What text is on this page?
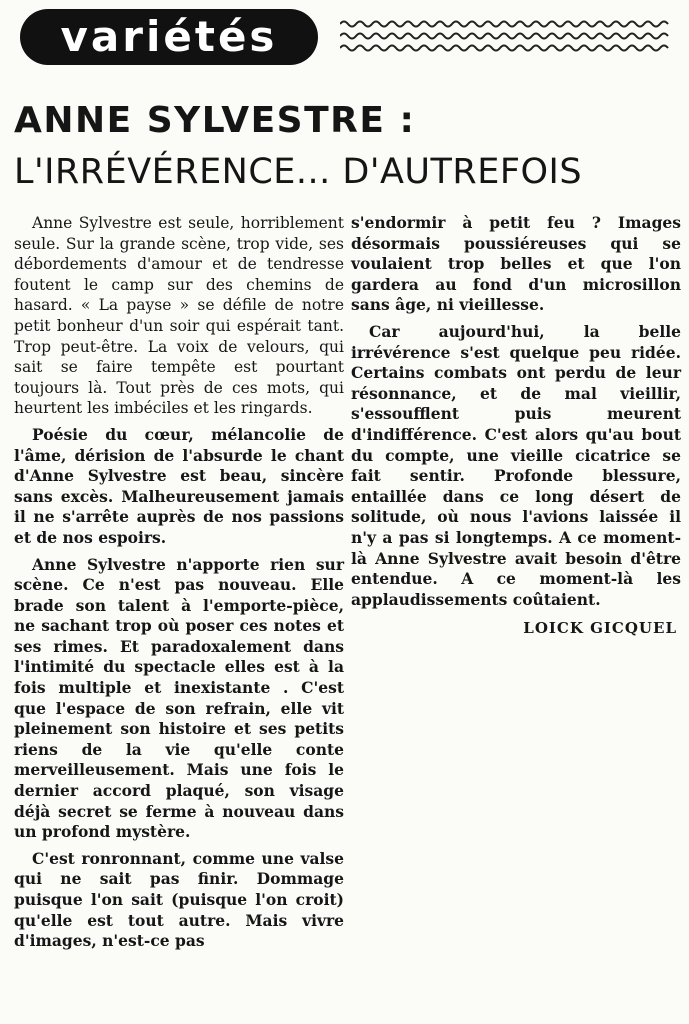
variétés
ANNE SYLVESTRE :
L'IRRÉVÉRENCE... D'AUTREFOIS

Anne Sylvestre est seule, horriblement seule. Sur la grande scène, trop vide, ses débordements d'amour et de tendresse foutent le camp sur des chemins de hasard. « La payse » se défile de notre petit bonheur d'un soir qui espérait tant. Trop peut-être. La voix de velours, qui sait se faire tempête est pourtant toujours là. Tout près de ces mots, qui heurtent les imbéciles et les ringards.

Poésie du cœur, mélancolie de l'âme, dérision de l'absurde le chant d'Anne Sylvestre est beau, sincère sans excès. Malheureusement jamais il ne s'arrête auprès de nos passions et de nos espoirs.

Anne Sylvestre n'apporte rien sur scène. Ce n'est pas nouveau. Elle brade son talent à l'emporte-pièce, ne sachant trop où poser ces notes et ses rimes. Et paradoxalement dans l'intimité du spectacle elles est à la fois multiple et inexistante . C'est que l'espace de son refrain, elle vit pleinement son histoire et ses petits riens de la vie qu'elle conte merveilleusement. Mais une fois le dernier accord plaqué, son visage déjà secret se ferme à nouveau dans un profond mystère.

C'est ronronnant, comme une valse qui ne sait pas finir. Dommage puisque l'on sait (puisque l'on croit) qu'elle est tout autre. Mais vivre d'images, n'est-ce pas

s'endormir à petit feu ? Images désormais poussiéreuses qui se voulaient trop belles et que l'on gardera au fond d'un microsillon sans âge, ni vieillesse.

Car aujourd'hui, la belle irrévérence s'est quelque peu ridée. Certains combats ont perdu de leur résonnance, et de mal vieillir, s'essoufflent puis meurent d'indifférence. C'est alors qu'au bout du compte, une vieille cicatrice se fait sentir. Profonde blessure, entaillée dans ce long désert de solitude, où nous l'avions laissée il n'y a pas si longtemps. A ce moment-là Anne Sylvestre avait besoin d'être entendue. A ce moment-là les applaudissements coûtaient.

LOICK GICQUEL
